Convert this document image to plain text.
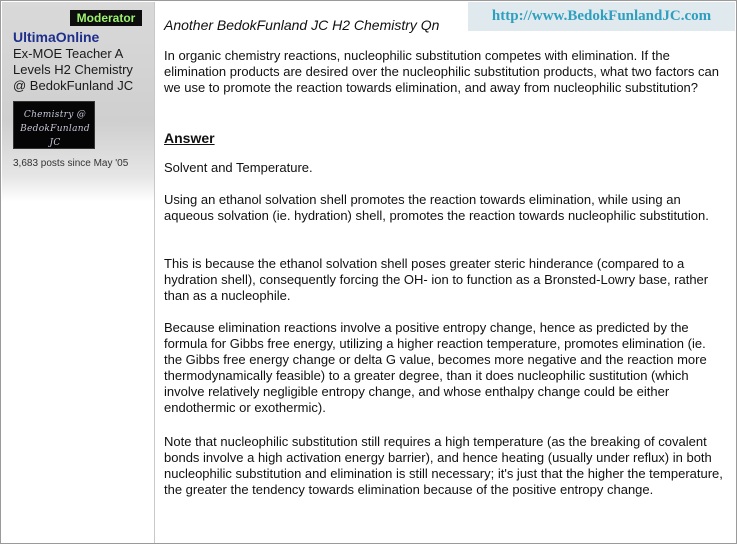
Moderator
UltimaOnline
Ex-MOE Teacher A
Levels H2 Chemistry
@ BedokFunland JC
Chemistry @
BedokFunland JC
3,683 posts since May '05
http://www.BedokFunlandJC.com
Another BedokFunland JC H2 Chemistry Qn

In organic chemistry reactions, nucleophilic substitution competes with elimination. If the elimination products are desired over the nucleophilic substitution products, what two factors can we use to promote the reaction towards elimination, and away from nucleophilic substitution?

Answer

Solvent and Temperature.

Using an ethanol solvation shell promotes the reaction towards elimination, while using an aqueous solvation (ie. hydration) shell, promotes the reaction towards nucleophilic substitution.

This is because the ethanol solvation shell poses greater steric hinderance (compared to a hydration shell), consequently forcing the OH- ion to function as a Bronsted-Lowry base, rather than as a nucleophile.

Because elimination reactions involve a positive entropy change, hence as predicted by the formula for Gibbs free energy, utilizing a higher reaction temperature, promotes elimination (ie. the Gibbs free energy change or delta G value, becomes more negative and the reaction more thermodynamically feasible) to a greater degree, than it does nucleophilic sustitution (which involve relatively negligible entropy change, and whose enthalpy change could be either endothermic or exothermic).

Note that nucleophilic substitution still requires a high temperature (as the breaking of covalent bonds involve a high activation energy barrier), and hence heating (usually under reflux) in both nucleophilic substitution and elimination is still necessary; it's just that the higher the temperature, the greater the tendency towards elimination because of the positive entropy change.
